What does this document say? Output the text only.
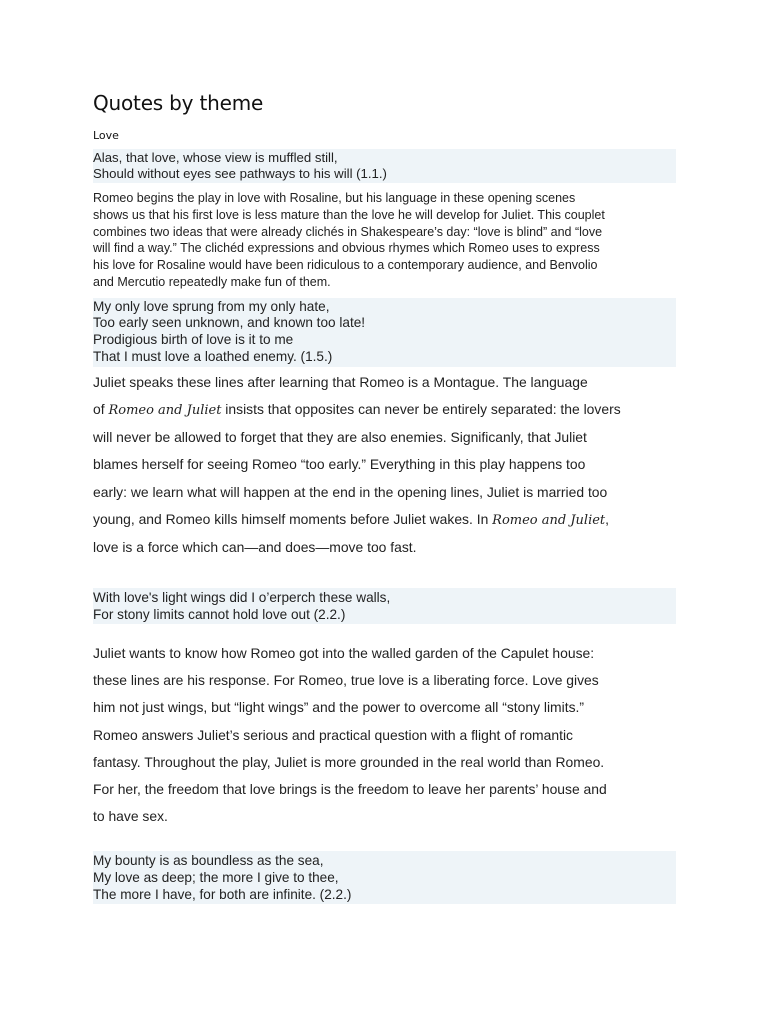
Quotes by theme
Love
Alas, that love, whose view is muffled still,
Should without eyes see pathways to his will (1.1.)
Romeo begins the play in love with Rosaline, but his language in these opening scenes
shows us that his first love is less mature than the love he will develop for Juliet. This couplet
combines two ideas that were already clichés in Shakespeare’s day: “love is blind” and “love
will find a way.” The clichéd expressions and obvious rhymes which Romeo uses to express
his love for Rosaline would have been ridiculous to a contemporary audience, and Benvolio
and Mercutio repeatedly make fun of them.
My only love sprung from my only hate,
Too early seen unknown, and known too late!
Prodigious birth of love is it to me
That I must love a loathed enemy. (1.5.)
Juliet speaks these lines after learning that Romeo is a Montague. The language
of Romeo and Juliet insists that opposites can never be entirely separated: the lovers
will never be allowed to forget that they are also enemies. Significanly, that Juliet
blames herself for seeing Romeo “too early.” Everything in this play happens too
early: we learn what will happen at the end in the opening lines, Juliet is married too
young, and Romeo kills himself moments before Juliet wakes. In Romeo and Juliet,
love is a force which can—and does—move too fast.
With love's light wings did I o’erperch these walls,
For stony limits cannot hold love out (2.2.)
Juliet wants to know how Romeo got into the walled garden of the Capulet house:
these lines are his response. For Romeo, true love is a liberating force. Love gives
him not just wings, but “light wings” and the power to overcome all “stony limits.”
Romeo answers Juliet’s serious and practical question with a flight of romantic
fantasy. Throughout the play, Juliet is more grounded in the real world than Romeo.
For her, the freedom that love brings is the freedom to leave her parents’ house and
to have sex.
My bounty is as boundless as the sea,
My love as deep; the more I give to thee,
The more I have, for both are infinite. (2.2.)
